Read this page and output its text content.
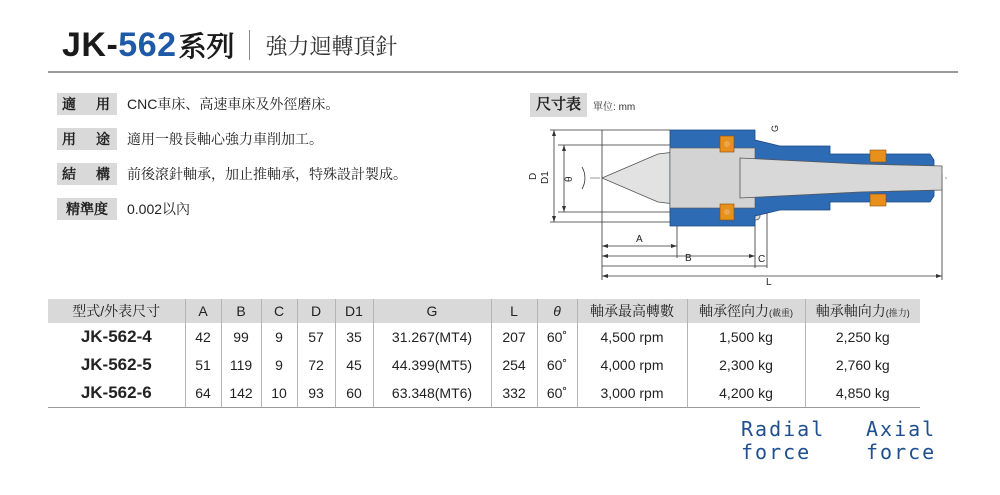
JK-562 系列 強力迴轉頂針
適 用 CNC車床、高速車床及外徑磨床。
用 途 適用一般長軸心強力車削加工。
結 構 前後滾針軸承，加止推軸承，特殊設計製成。
精準度	0.002以內
尺寸表	單位: mm
D D1 θ
A
B	C
L
G
型式/外表尺寸	A	B	C	D	D1	G	L	θ	軸承最高轉數	軸承徑向力(載重)	軸承軸向力(推力)
JK-562-4	42	99	9	57	35	31.267(MT4)	207	60˚	4,500 rpm	1,500 kg	2,250 kg
JK-562-5	51	119	9	72	45	44.399(MT5)	254	60˚	4,000 rpm	2,300 kg	2,760 kg
JK-562-6	64	142	10	93	60	63.348(MT6)	332	60˚	3,000 rpm	4,200 kg	4,850 kg
Radial
force
Axial
force
